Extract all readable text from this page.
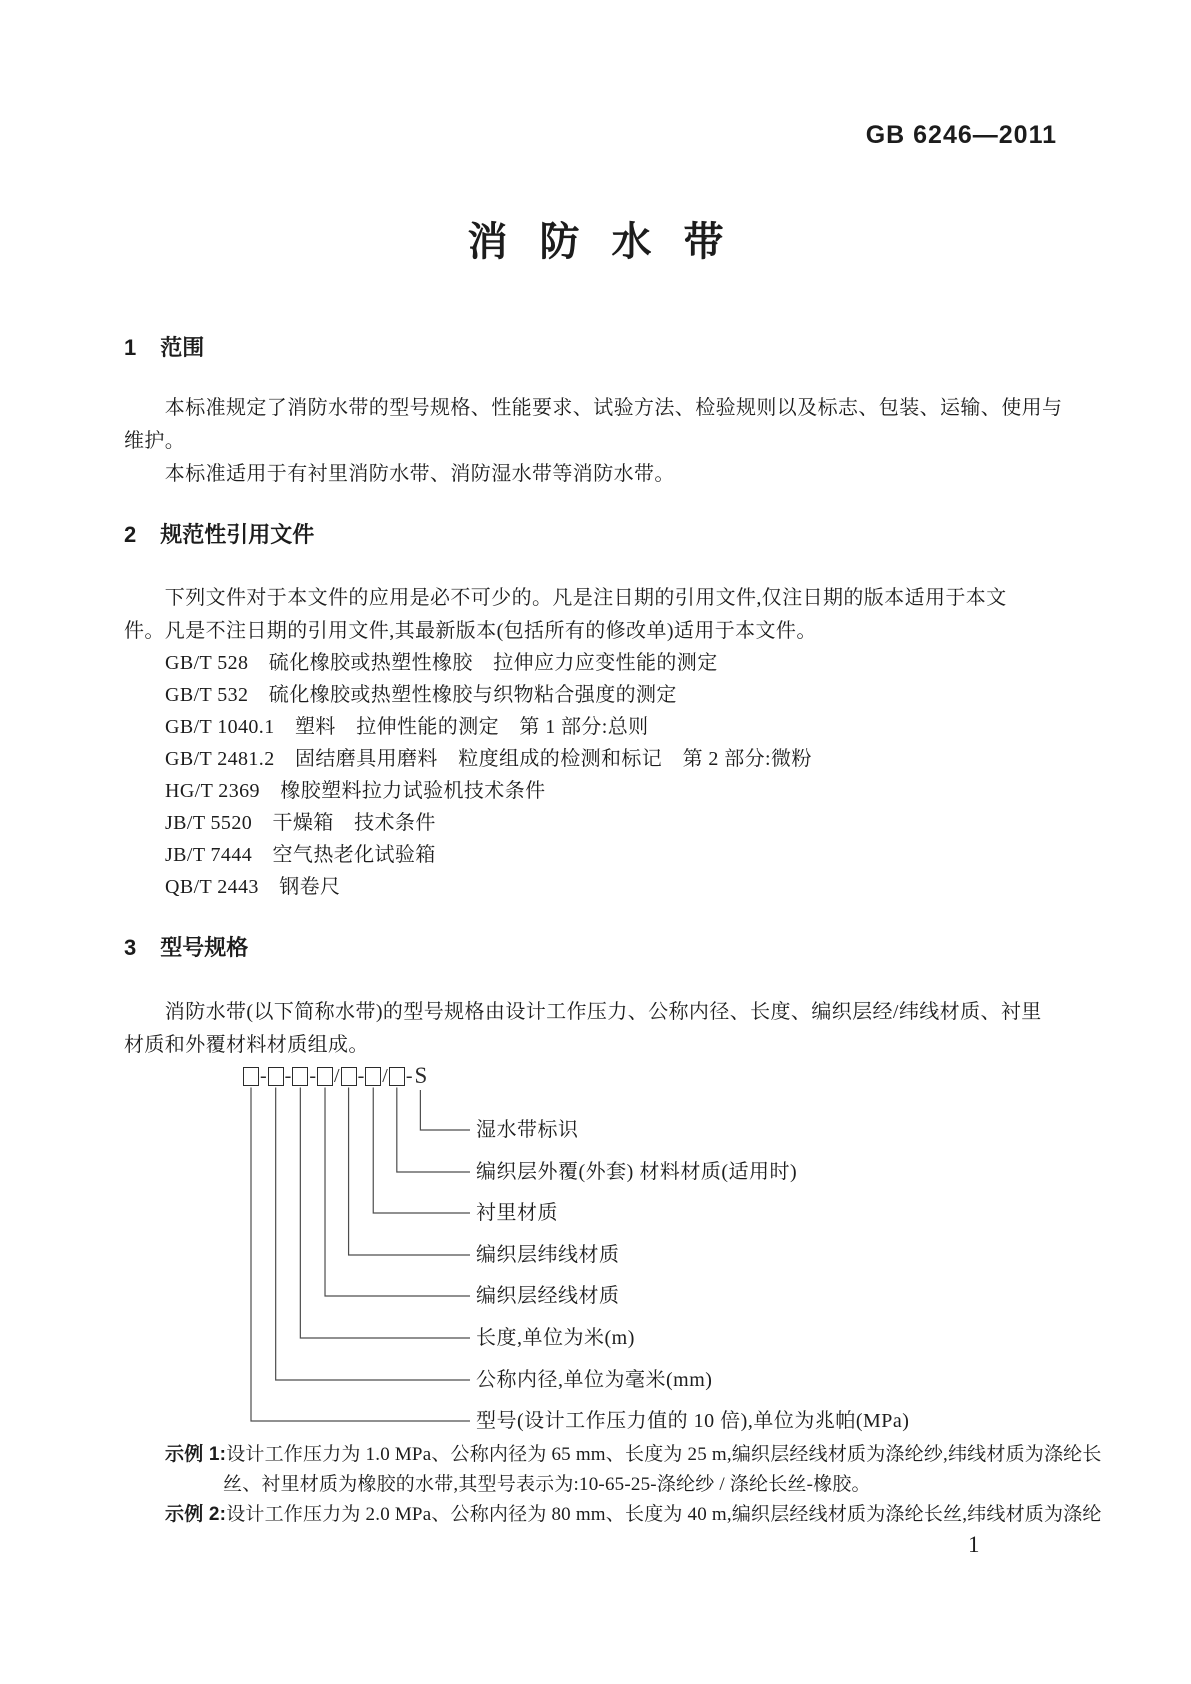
GB 6246—2011
消防水带
1 范围
　　本标准规定了消防水带的型号规格、性能要求、试验方法、检验规则以及标志、包装、运输、使用与
维护。
　　本标准适用于有衬里消防水带、消防湿水带等消防水带。
2 规范性引用文件
　　下列文件对于本文件的应用是必不可少的。凡是注日期的引用文件,仅注日期的版本适用于本文
件。凡是不注日期的引用文件,其最新版本(包括所有的修改单)适用于本文件。
GB/T 528　硫化橡胶或热塑性橡胶　拉伸应力应变性能的测定
GB/T 532　硫化橡胶或热塑性橡胶与织物粘合强度的测定
GB/T 1040.1　塑料　拉伸性能的测定　第 1 部分:总则
GB/T 2481.2　固结磨具用磨料　粒度组成的检测和标记　第 2 部分:微粉
HG/T 2369　橡胶塑料拉力试验机技术条件
JB/T 5520　干燥箱　技术条件
JB/T 7444　空气热老化试验箱
QB/T 2443　钢卷尺
3 型号规格
　　消防水带(以下简称水带)的型号规格由设计工作压力、公称内径、长度、编织层经/纬线材质、衬里
材质和外覆材料材质组成。
- - - / - / - S
湿水带标识
编织层外覆(外套) 材料材质(适用时)
衬里材质
编织层纬线材质
编织层经线材质
长度,单位为米(m)
公称内径,单位为毫米(mm)
型号(设计工作压力值的 10 倍),单位为兆帕(MPa)
示例 1:设计工作压力为 1.0 MPa、公称内径为 65 mm、长度为 25 m,编织层经线材质为涤纶纱,纬线材质为涤纶长
丝、衬里材质为橡胶的水带,其型号表示为:10-65-25-涤纶纱 / 涤纶长丝-橡胶。
示例 2:设计工作压力为 2.0 MPa、公称内径为 80 mm、长度为 40 m,编织层经线材质为涤纶长丝,纬线材质为涤纶
1
